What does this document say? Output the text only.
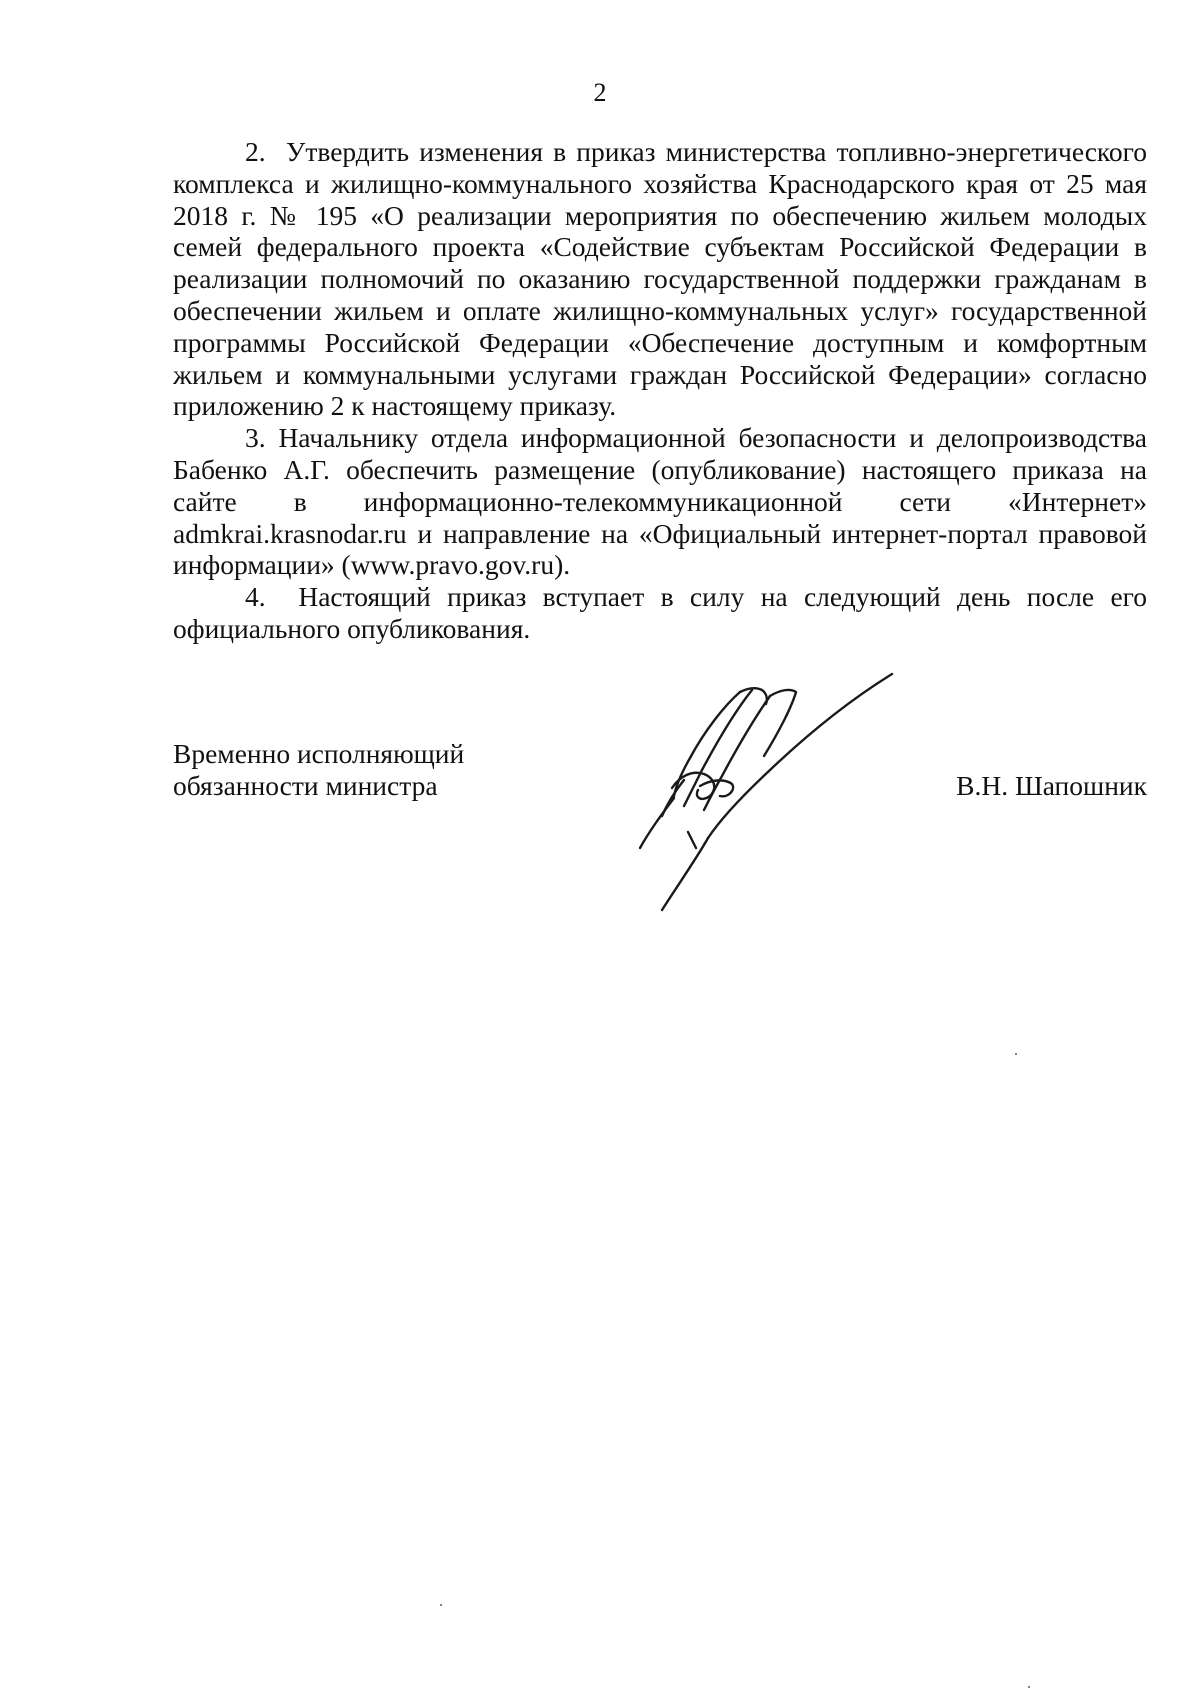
2

2.  Утвердить изменения в приказ министерства топливно-энергетического комплекса и жилищно-коммунального хозяйства Краснодарского края от 25 мая 2018 г. № 195 «О реализации мероприятия по обеспечению жильем молодых семей федерального проекта «Содействие субъектам Российской Федерации в реализации полномочий по оказанию государственной поддержки гражданам в обеспечении жильем и оплате жилищно-коммунальных услуг» государственной программы Российской Федерации «Обеспечение доступным и комфортным жильем и коммунальными услугами граждан Российской Федерации» согласно приложению 2 к настоящему приказу.

3. Начальнику отдела информационной безопасности и делопроизводства Бабенко А.Г. обеспечить размещение (опубликование) настоящего приказа на сайте в информационно-телекоммуникационной сети «Интернет» admkrai.krasnodar.ru и направление на «Официальный интернет-портал правовой информации» (www.pravo.gov.ru).

4.  Настоящий приказ вступает в силу на следующий день после его официального опубликования.

Временно исполняющий
обязанности министра	В.Н. Шапошник
